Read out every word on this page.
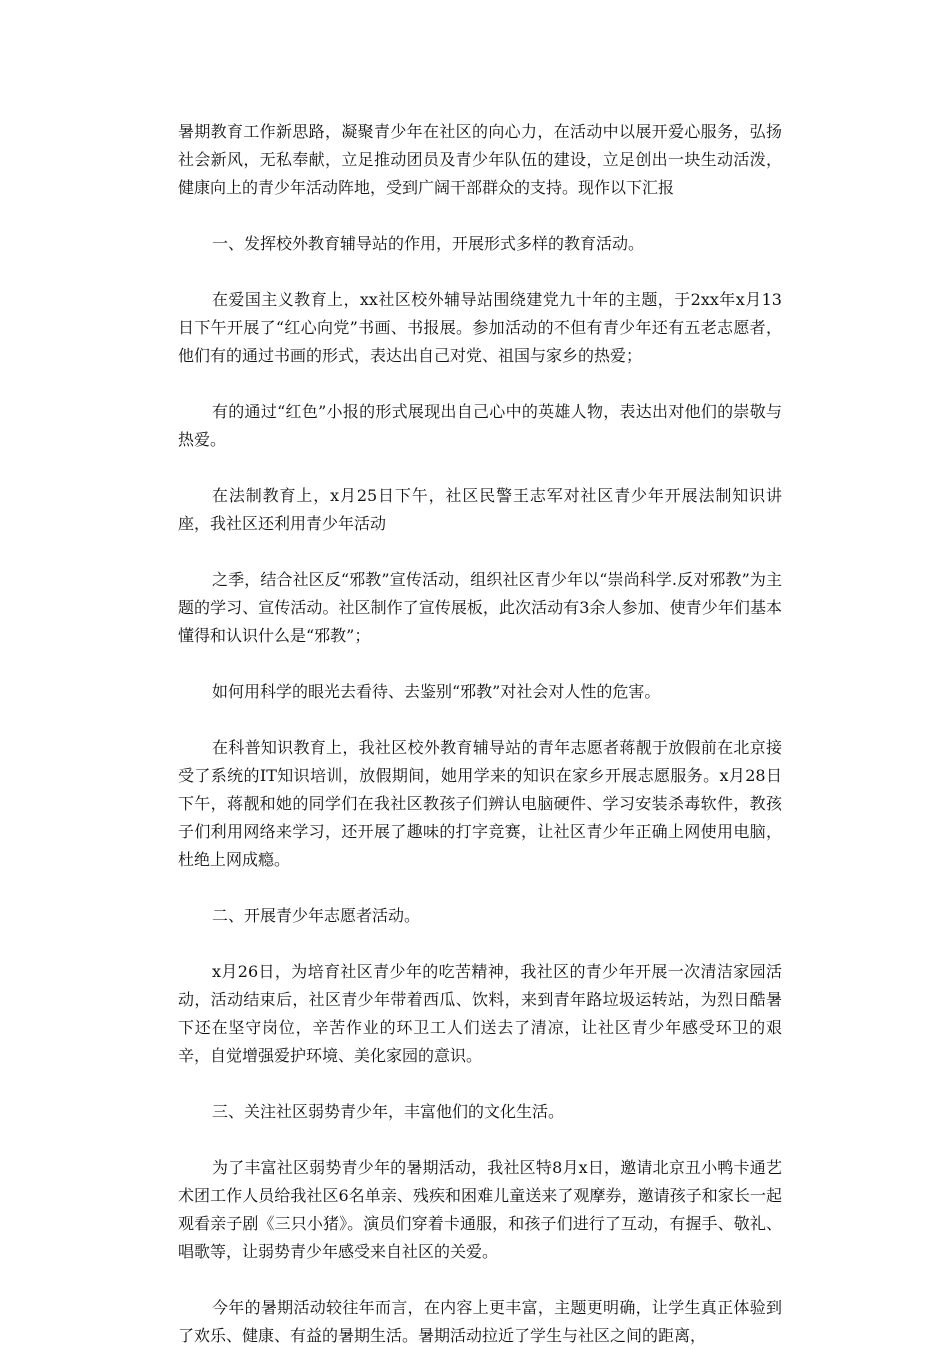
暑期教育工作新思路，凝聚青少年在社区的向心力，在活动中以展开爱心服务，弘扬社会新风，无私奉献，立足推动团员及青少年队伍的建设，立足创出一块生动活泼，健康向上的青少年活动阵地，受到广阔干部群众的支持。现作以下汇报

一、发挥校外教育辅导站的作用，开展形式多样的教育活动。

在爱国主义教育上，xx社区校外辅导站围绕建党九十年的主题，于2xx年x月13日下午开展了“红心向党”书画、书报展。参加活动的不但有青少年还有五老志愿者，他们有的通过书画的形式，表达出自己对党、祖国与家乡的热爱；

有的通过“红色”小报的形式展现出自己心中的英雄人物，表达出对他们的崇敬与热爱。

在法制教育上，x月25日下午，社区民警王志军对社区青少年开展法制知识讲座，我社区还利用青少年活动

之季，结合社区反“邪教”宣传活动，组织社区青少年以“崇尚科学.反对邪教”为主题的学习、宣传活动。社区制作了宣传展板，此次活动有3余人参加、使青少年们基本懂得和认识什么是“邪教”；

如何用科学的眼光去看待、去鉴别“邪教”对社会对人性的危害。

在科普知识教育上，我社区校外教育辅导站的青年志愿者蒋靓于放假前在北京接受了系统的IT知识培训，放假期间，她用学来的知识在家乡开展志愿服务。x月28日下午，蒋靓和她的同学们在我社区教孩子们辨认电脑硬件、学习安装杀毒软件，教孩子们利用网络来学习，还开展了趣味的打字竞赛，让社区青少年正确上网使用电脑，杜绝上网成瘾。

二、开展青少年志愿者活动。

x月26日，为培育社区青少年的吃苦精神，我社区的青少年开展一次清洁家园活动，活动结束后，社区青少年带着西瓜、饮料，来到青年路垃圾运转站，为烈日酷暑下还在坚守岗位，辛苦作业的环卫工人们送去了清凉，让社区青少年感受环卫的艰辛，自觉增强爱护环境、美化家园的意识。

三、关注社区弱势青少年，丰富他们的文化生活。

为了丰富社区弱势青少年的暑期活动，我社区特8月x日，邀请北京丑小鸭卡通艺术团工作人员给我社区6名单亲、残疾和困难儿童送来了观摩券，邀请孩子和家长一起观看亲子剧《三只小猪》。演员们穿着卡通服，和孩子们进行了互动，有握手、敬礼、唱歌等，让弱势青少年感受来自社区的关爱。

今年的暑期活动较往年而言，在内容上更丰富，主题更明确，让学生真正体验到了欢乐、健康、有益的暑期生活。暑期活动拉近了学生与社区之间的距离，
